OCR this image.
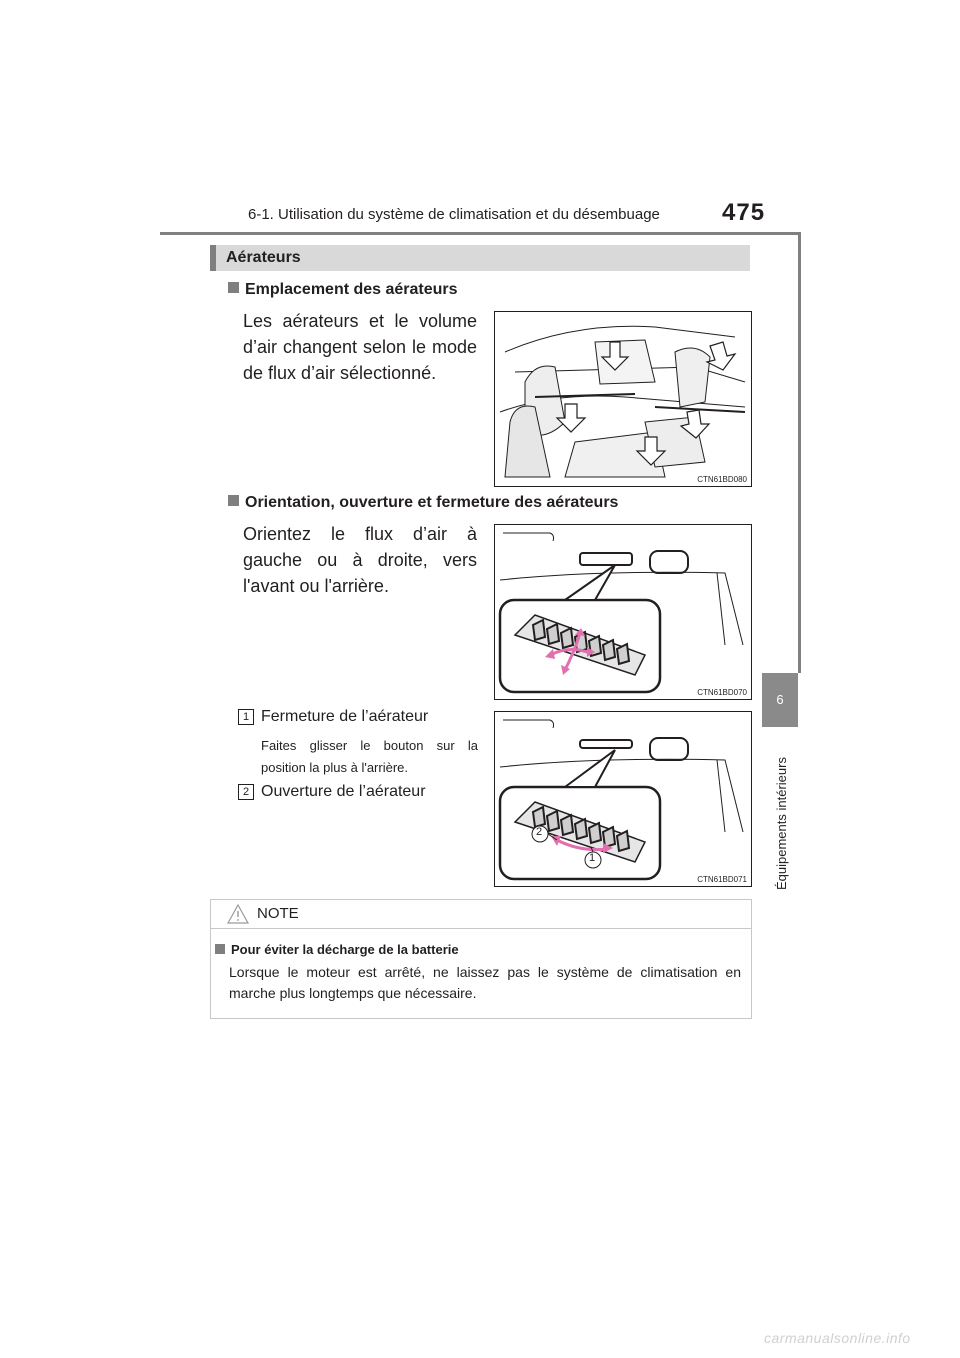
6-1. Utilisation du système de climatisation et du désembuage	475
6
Équipements intérieurs
Aérateurs
Emplacement des aérateurs
Les aérateurs et le volume d’air changent selon le mode de flux d’air sélectionné.
CTN61BD080
Orientation, ouverture et fermeture des aérateurs
Orientez le flux d’air à gauche ou à droite, vers l'avant ou l'arrière.
CTN61BD070
1 Fermeture de l’aérateur
Faites glisser le bouton sur la position la plus à l'arrière.
2 Ouverture de l’aérateur
2
1
CTN61BD071
NOTE
Pour éviter la décharge de la batterie
Lorsque le moteur est arrêté, ne laissez pas le système de climatisation en marche plus longtemps que nécessaire.
carmanualsonline.info
